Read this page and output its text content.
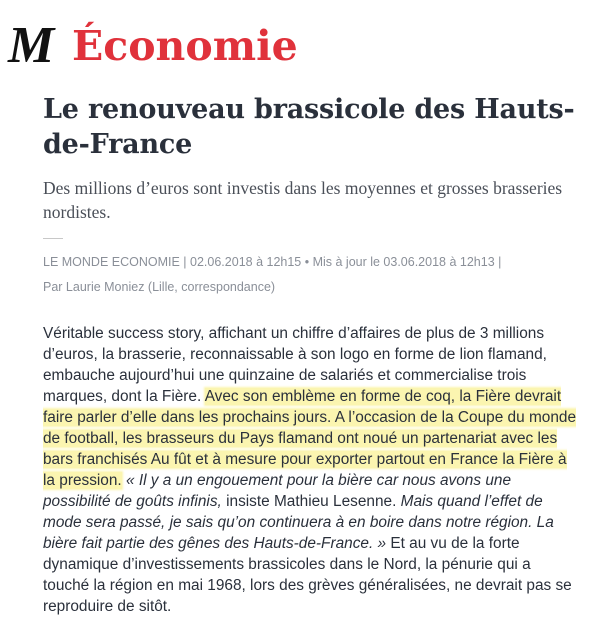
M Économie
Le renouveau brassicole des Hauts-de-France

Des millions d’euros sont investis dans les moyennes et grosses brasseries nordistes.

LE MONDE ECONOMIE | 02.06.2018 à 12h15 • Mis à jour le 03.06.2018 à 12h13 |
Par Laurie Moniez (Lille, correspondance)

Véritable success story, affichant un chiffre d’affaires de plus de 3 millions d’euros, la brasserie, reconnaissable à son logo en forme de lion flamand, embauche aujourd’hui une quinzaine de salariés et commercialise trois marques, dont la Fière. Avec son emblème en forme de coq, la Fière devrait faire parler d’elle dans les prochains jours. A l’occasion de la Coupe du monde de football, les brasseurs du Pays flamand ont noué un partenariat avec les bars franchisés Au fût et à mesure pour exporter partout en France la Fière à la pression. « Il y a un engouement pour la bière car nous avons une possibilité de goûts infinis, insiste Mathieu Lesenne. Mais quand l’effet de mode sera passé, je sais qu’on continuera à en boire dans notre région. La bière fait partie des gênes des Hauts-de-France. » Et au vu de la forte dynamique d’investissements brassicoles dans le Nord, la pénurie qui a touché la région en mai 1968, lors des grèves généralisées, ne devrait pas se reproduire de sitôt.
